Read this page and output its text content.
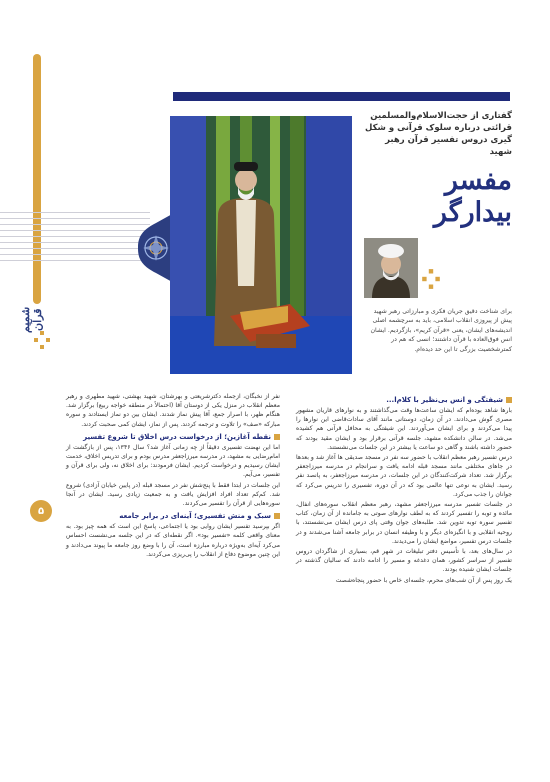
شمیم قرآن
۵
گفتاری از حجت‌الاسلام‌والمسلمین قرائتی درباره سلوک قرآنی و شکل گیری دروس تفسیر قرآن رهبر شهید
مفسر
بیدارگر
برای شناخت دقیق جریان فکری و مبارزاتی رهبر شهید پیش از پیروزی انقلاب اسلامی، باید به سرچشمه اصلی اندیشه‌های ایشان، یعنی «قرآن کریم»، بازگردیم. ایشان انس فوق‌العاده با قرآن داشتند؛ انسی که هم در کمترشخصیت بزرگی تا این حد دیده‌ام.
شیفتگی و انس بی‌نظیر با کلام‌ا...

بارها شاهد بوده‌ام که ایشان ساعت‌ها وقت می‌گذاشتند و به نوارهای قاریان مشهور مصری گوش می‌دادند. در آن زمان، دوستانی مانند آقای سادات‌قاضی این نوارها را پیدا می‌کردند و برای ایشان می‌آوردند. این شیفتگی به محافل قرآنی هم کشیده می‌شد. در سالن دانشکده مشهد، جلسه قرآنی برقرار بود و ایشان مقید بودند که حضور داشته باشند و گاهی دو ساعت یا بیشتر در این جلسات می‌نشستند.

درس تفسیر رهبر معظم انقلاب با حضور سه نفر در مسجد صدیقی ها آغاز شد و بعدها در جاهای مختلفی مانند مسجد قبله ادامه یافت و سرانجام در مدرسه میرزاجعفر برگزار شد. تعداد شرکت‌کنندگان در این جلسات، در مدرسه میرزاجعفر، به پانصد نفر رسید. ایشان به نوعی تنها عالمی بود که در آن دوره، تفسیری را تدریس می‌کرد که جوانان را جذب می‌کرد.

در جلسات تفسیر مدرسه میرزاجعفر مشهد، رهبر معظم انقلاب سوره‌های انفال، مائده و توبه را تفسیر کردند که به لطف نوارهای صوتی به جامانده از آن زمان، کتاب تفسیر سوره توبه تدوین شد. طلبه‌های جوان وقتی پای درس ایشان می‌نشستند، با روحیه انقلابی و با انگیزه‌ای دیگر و با وظیفه انسان در برابر جامعه آشنا می‌شدند و در جلسات درس تفسیر، مواضع ایشان را می‌دیدند.

در سال‌های بعد، با تأسیس دفتر تبلیغات در شهر قم، بسیاری از شاگردان دروس تفسیر از سراسر کشور، همان دغدغه و مسیر را ادامه دادند که سالیان گذشته در جلسات ایشان شنیده بودند.

یک روز پس از آن شب‌های محرم، جلسه‌ای خاص با حضور پنجاه‌شصت

نفر از نخبگان، ازجمله دکترشریعتی و بهرشتان، شهید بهشتی، شهید مطهری و رهبر معظم انقلاب در منزل یکی از دوستان آقا (احتمالاً در منطقه خواجه ربیع) برگزار شد. هنگام ظهر، با اصرار جمع، آقا پیش نماز شدند. ایشان بین دو نماز ایستادند و سوره مبارکه «صف» را تلاوت و ترجمه کردند. پس از نماز، ایشان کمی صحبت کردند.

نقطه آغازین؛ از درخواست درس اخلاق تا شروع تفسیر

اما این نهضت تفسیری دقیقاً از چه زمانی آغاز شد؟ سال ۱۳۴۶، پس از بازگشت از امام‌رضایی به مشهد، در مدرسه میرزاجعفر مدرس بودم و برای تدریس اخلاق، خدمت ایشان رسیدیم و درخواست کردیم. ایشان فرمودند: برای اخلاق نه، ولی برای قرآن و تفسیر، می‌آیم.

این جلسات در ابتدا فقط با پنج‌شش نفر در مسجد قبله (در پایین خیابان آزادی) شروع شد. کم‌کم تعداد افراد افزایش یافت و به جمعیت زیادی رسید. ایشان در آنجا سوره‌هایی از قرآن را تفسیر می‌کردند.

سبک و منش تفسیری؛ آینه‌ای در برابر جامعه

اگر بپرسید تفسیر ایشان روایی بود یا اجتماعی، پاسخ این است که همه چیز بود. به معنای واقعی کلمه «تفسیر بود». اگر نقطه‌ای که در این جلسه می‌نشست احساس می‌کرد آیه‌ای به‌ویژه درباره مبارزه است، آن را با وضع روز جامعه ما پیوند می‌دادند و این چنین موضوع دفاع از انقلاب را پی‌ریزی می‌کردند.
